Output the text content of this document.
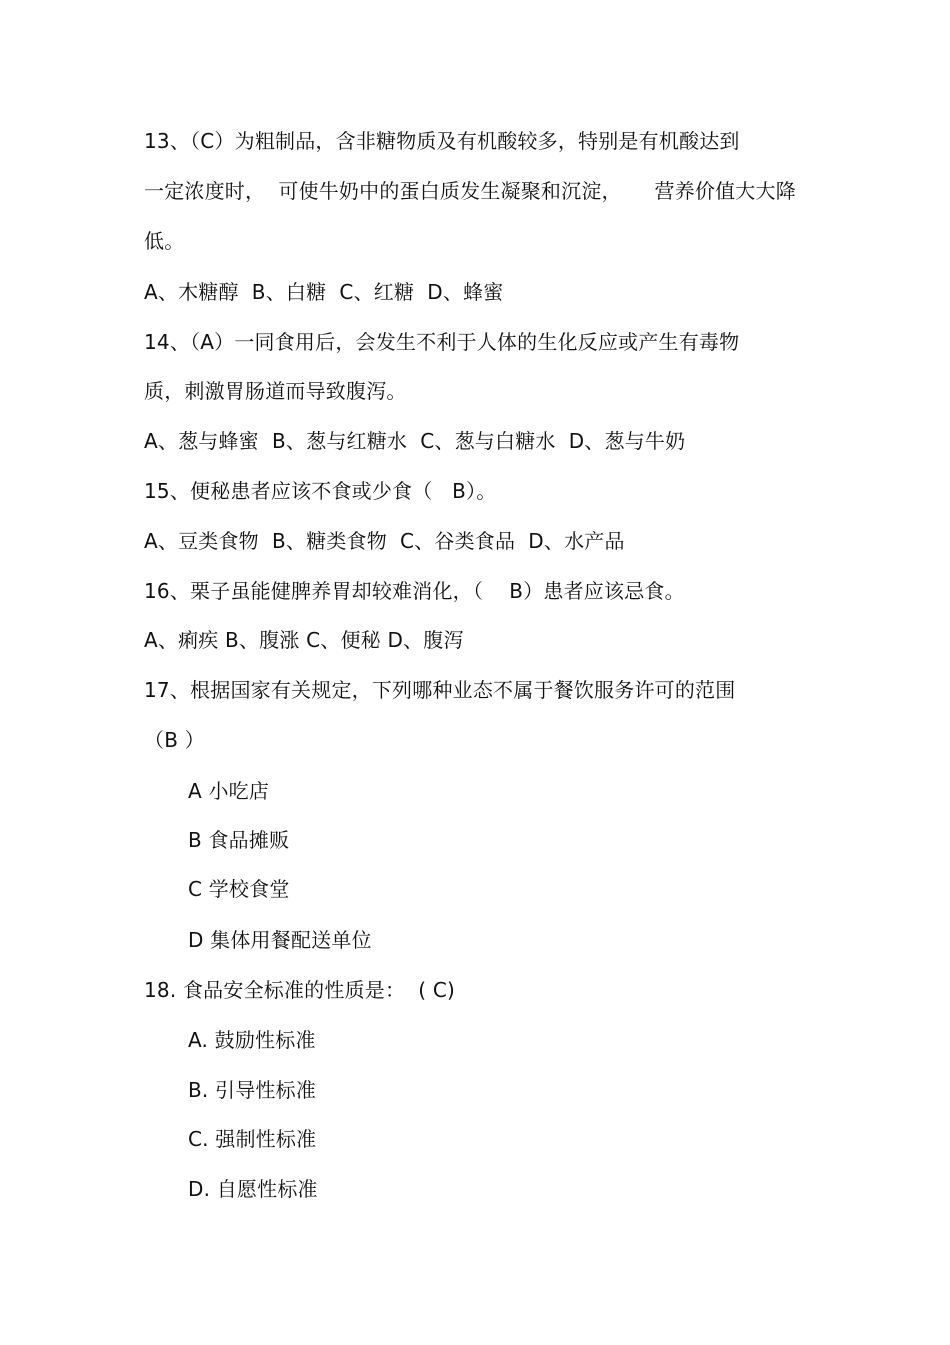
13、（C）为粗制品，含非糖物质及有机酸较多，特别是有机酸达到
一定浓度时，  可使牛奶中的蛋白质发生凝聚和沉淀，     营养价值大大降
低。
A、木糖醇  B、白糖  C、红糖  D、蜂蜜
14、（A）一同食用后，会发生不利于人体的生化反应或产生有毒物
质，刺激胃肠道而导致腹泻。
A、葱与蜂蜜  B、葱与红糖水  C、葱与白糖水  D、葱与牛奶
15、便秘患者应该不食或少食（   B）。
A、豆类食物  B、糖类食物  C、谷类食品  D、水产品
16、栗子虽能健脾养胃却较难消化，（    B）患者应该忌食。
A、痢疾 B、腹涨 C、便秘 D、腹泻
17、根据国家有关规定，下列哪种业态不属于餐饮服务许可的范围
（B ）
A 小吃店
B 食品摊贩
C 学校食堂
D 集体用餐配送单位
18. 食品安全标准的性质是：  ( C)
A. 鼓励性标准
B. 引导性标准
C. 强制性标准
D. 自愿性标准
